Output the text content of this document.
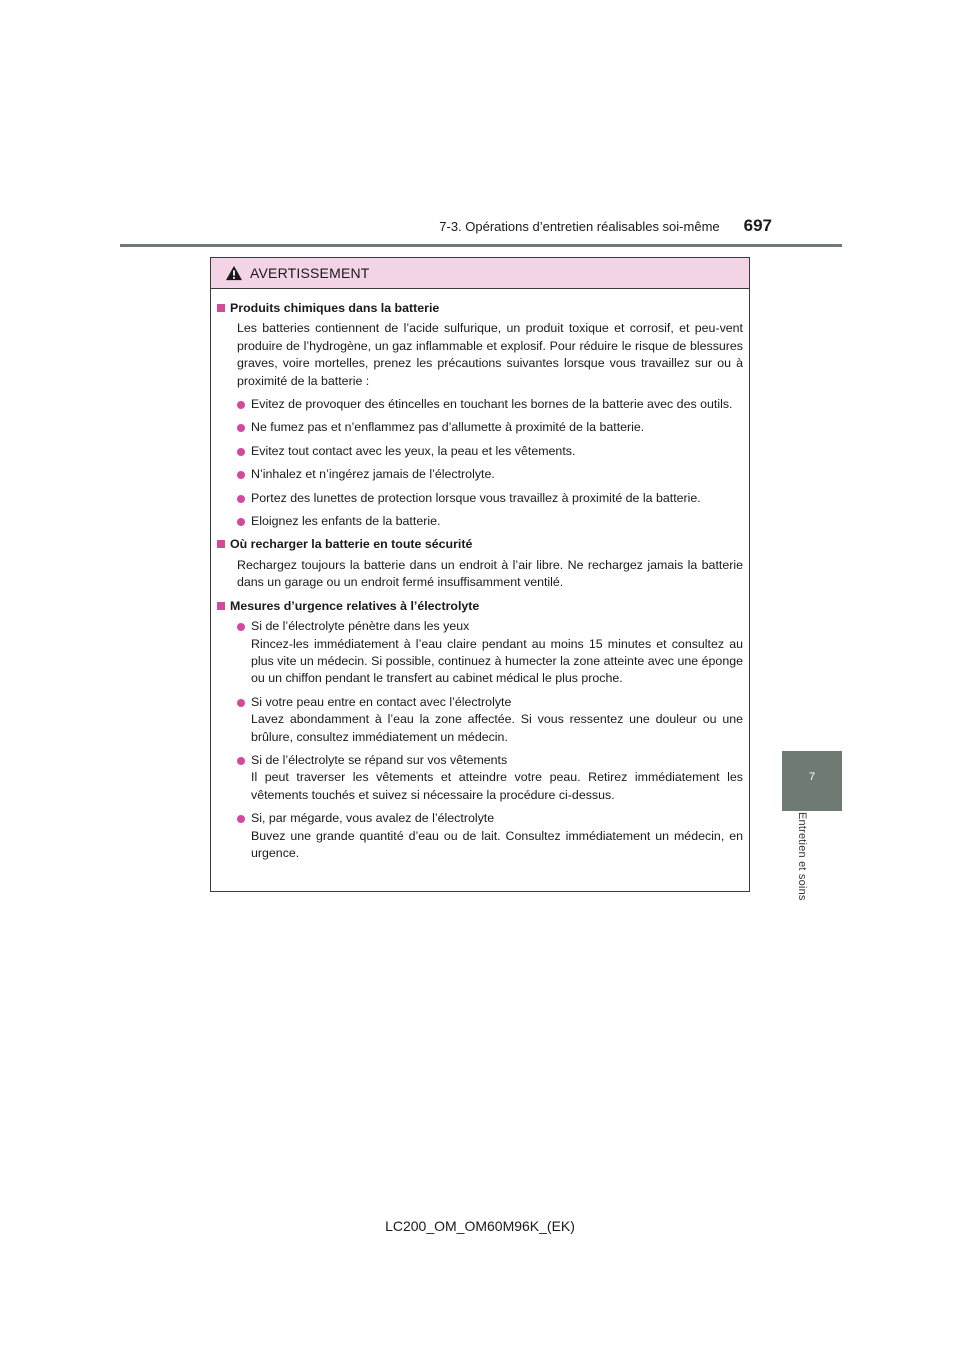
7-3. Opérations d’entretien réalisables soi-même 697
7
Entretien et soins
AVERTISSEMENT
Produits chimiques dans la batterie
Les batteries contiennent de l’acide sulfurique, un produit toxique et corrosif, et peu-vent produire de l’hydrogène, un gaz inflammable et explosif. Pour réduire le risque de blessures graves, voire mortelles, prenez les précautions suivantes lorsque vous travaillez sur ou à proximité de la batterie :
Evitez de provoquer des étincelles en touchant les bornes de la batterie avec des outils.
Ne fumez pas et n’enflammez pas d’allumette à proximité de la batterie.
Evitez tout contact avec les yeux, la peau et les vêtements.
N’inhalez et n’ingérez jamais de l’électrolyte.
Portez des lunettes de protection lorsque vous travaillez à proximité de la batterie.
Eloignez les enfants de la batterie.
Où recharger la batterie en toute sécurité
Rechargez toujours la batterie dans un endroit à l’air libre. Ne rechargez jamais la batterie dans un garage ou un endroit fermé insuffisamment ventilé.
Mesures d’urgence relatives à l’électrolyte
Si de l’électrolyte pénètre dans les yeux
Rincez-les immédiatement à l’eau claire pendant au moins 15 minutes et consultez au plus vite un médecin. Si possible, continuez à humecter la zone atteinte avec une éponge ou un chiffon pendant le transfert au cabinet médical le plus proche.
Si votre peau entre en contact avec l’électrolyte
Lavez abondamment à l’eau la zone affectée. Si vous ressentez une douleur ou une brûlure, consultez immédiatement un médecin.
Si de l’électrolyte se répand sur vos vêtements
Il peut traverser les vêtements et atteindre votre peau. Retirez immédiatement les vêtements touchés et suivez si nécessaire la procédure ci-dessus.
Si, par mégarde, vous avalez de l’électrolyte
Buvez une grande quantité d’eau ou de lait. Consultez immédiatement un médecin, en urgence.
LC200_OM_OM60M96K_(EK)
